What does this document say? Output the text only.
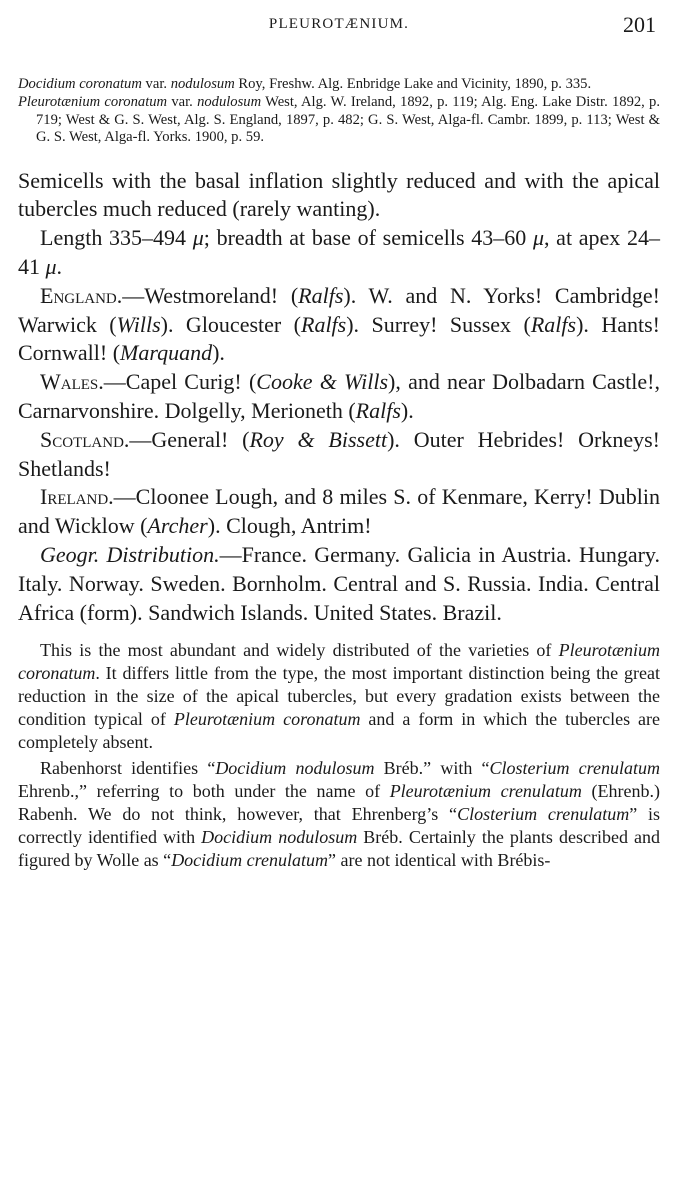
PLEUROTÆNIUM.	201

Docidium coronatum var. nodulosum Roy, Freshw. Alg. Enbridge Lake and Vicinity, 1890, p. 335.

Pleurotænium coronatum var. nodulosum West, Alg. W. Ireland, 1892, p. 119; Alg. Eng. Lake Distr. 1892, p. 719; West & G. S. West, Alg. S. England, 1897, p. 482; G. S. West, Alga-fl. Cambr. 1899, p. 113; West & G. S. West, Alga-fl. Yorks. 1900, p. 59.

Semicells with the basal inflation slightly reduced and with the apical tubercles much reduced (rarely wanting).

Length 335–494 μ; breadth at base of semicells 43–60 μ, at apex 24–41 μ.

England.—Westmoreland! (Ralfs). W. and N. Yorks! Cambridge! Warwick (Wills). Gloucester (Ralfs). Surrey! Sussex (Ralfs). Hants! Cornwall! (Marquand).

Wales.—Capel Curig! (Cooke & Wills), and near Dolbadarn Castle!, Carnarvonshire. Dolgelly, Merioneth (Ralfs).

Scotland.—General! (Roy & Bissett). Outer Hebrides! Orkneys! Shetlands!

Ireland.—Cloonee Lough, and 8 miles S. of Kenmare, Kerry! Dublin and Wicklow (Archer). Clough, Antrim!

Geogr. Distribution.—France. Germany. Galicia in Austria. Hungary. Italy. Norway. Sweden. Bornholm. Central and S. Russia. India. Central Africa (form). Sandwich Islands. United States. Brazil.

This is the most abundant and widely distributed of the varieties of Pleurotænium coronatum. It differs little from the type, the most important distinction being the great reduction in the size of the apical tubercles, but every gradation exists between the condition typical of Pleurotænium coronatum and a form in which the tubercles are completely absent.

Rabenhorst identifies “Docidium nodulosum Bréb.” with “Closterium crenulatum Ehrenb.,” referring to both under the name of Pleurotænium crenulatum (Ehrenb.) Rabenh. We do not think, however, that Ehrenberg’s “Closterium crenulatum” is correctly identified with Docidium nodulosum Bréb. Certainly the plants described and figured by Wolle as “Docidium crenulatum” are not identical with Brébis-
